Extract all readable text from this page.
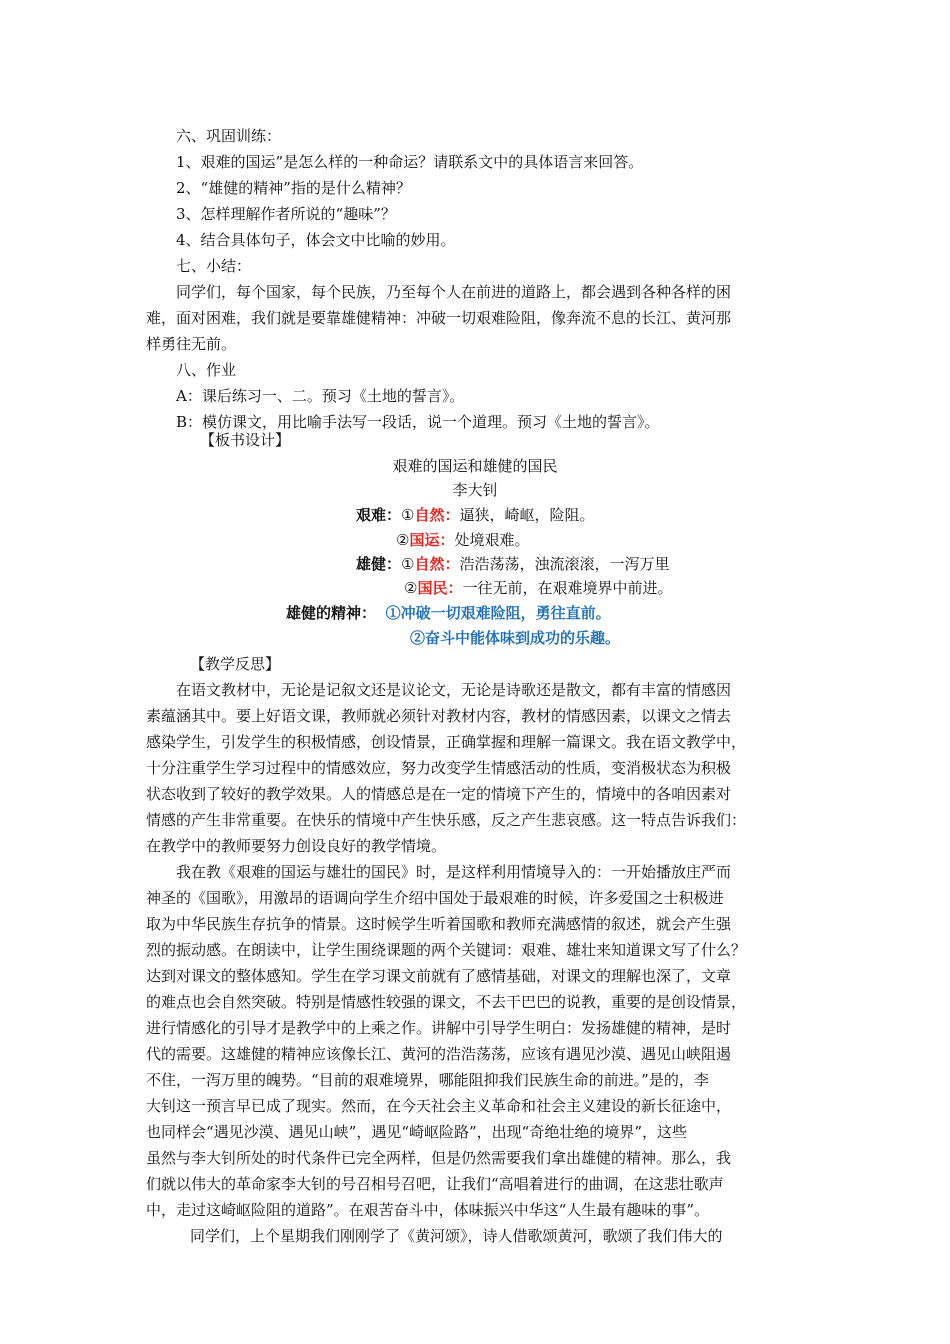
六、巩固训练：
1、艰难的国运”是怎么样的一种命运？请联系文中的具体语言来回答。
2、“雄健的精神”指的是什么精神？
3、怎样理解作者所说的“趣味”？
4、结合具体句子，体会文中比喻的妙用。
七、小结：
同学们，每个国家，每个民族，乃至每个人在前进的道路上，都会遇到各种各样的困
难，面对困难，我们就是要靠雄健精神：冲破一切艰难险阻，像奔流不息的长江、黄河那
样勇往无前。
八、作业
A：课后练习一、二。预习《土地的誓言》。
B：模仿课文，用比喻手法写一段话，说一个道理。预习《土地的誓言》。
【板书设计】
艰难的国运和雄健的国民
李大钊
艰难：①自然：逼狭，崎岖，险阻。
②国运：处境艰难。
雄健：①自然：浩浩荡荡，浊流滚滚，一泻万里
②国民：一往无前，在艰难境界中前进。
雄健的精神： ①冲破一切艰难险阻，勇往直前。
②奋斗中能体味到成功的乐趣。
【教学反思】
在语文教材中，无论是记叙文还是议论文，无论是诗歌还是散文，都有丰富的情感因
素蕴涵其中。要上好语文课，教师就必须针对教材内容，教材的情感因素，以课文之情去
感染学生，引发学生的积极情感，创设情景，正确掌握和理解一篇课文。我在语文教学中，
十分注重学生学习过程中的情感效应，努力改变学生情感活动的性质，变消极状态为积极
状态收到了较好的教学效果。人的情感总是在一定的情境下产生的，情境中的各咱因素对
情感的产生非常重要。在快乐的情境中产生快乐感，反之产生悲哀感。这一特点告诉我们：
在教学中的教师要努力创设良好的教学情境。
我在教《艰难的国运与雄壮的国民》时，是这样利用情境导入的：一开始播放庄严而
神圣的《国歌》，用激昂的语调向学生介绍中国处于最艰难的时候，许多爱国之士积极进
取为中华民族生存抗争的情景。这时候学生听着国歌和教师充满感情的叙述，就会产生强
烈的振动感。在朗读中，让学生围绕课题的两个关键词：艰难、雄壮来知道课文写了什么？
达到对课文的整体感知。学生在学习课文前就有了感情基础，对课文的理解也深了，文章
的难点也会自然突破。特别是情感性较强的课文，不去干巴巴的说教，重要的是创设情景，
进行情感化的引导才是教学中的上乘之作。讲解中引导学生明白：发扬雄健的精神，是时
代的需要。这雄健的精神应该像长江、黄河的浩浩荡荡，应该有遇见沙漠、遇见山峡阻遏
不住，一泻万里的魄势。“目前的艰难境界，哪能阻抑我们民族生命的前进。”是的，李
大钊这一预言早已成了现实。然而，在今天社会主义革命和社会主义建设的新长征途中，
也同样会“遇见沙漠、遇见山峡”，遇见“崎岖险路”，出现“奇绝壮绝的境界”，这些
虽然与李大钊所处的时代条件已完全两样，但是仍然需要我们拿出雄健的精神。那么，我
们就以伟大的革命家李大钊的号召相号召吧，让我们“高唱着进行的曲调，在这悲壮歌声
中，走过这崎岖险阻的道路”。在艰苦奋斗中，体味振兴中华这“人生最有趣味的事”。
同学们，上个星期我们刚刚学了《黄河颂》，诗人借歌颂黄河，歌颂了我们伟大的
